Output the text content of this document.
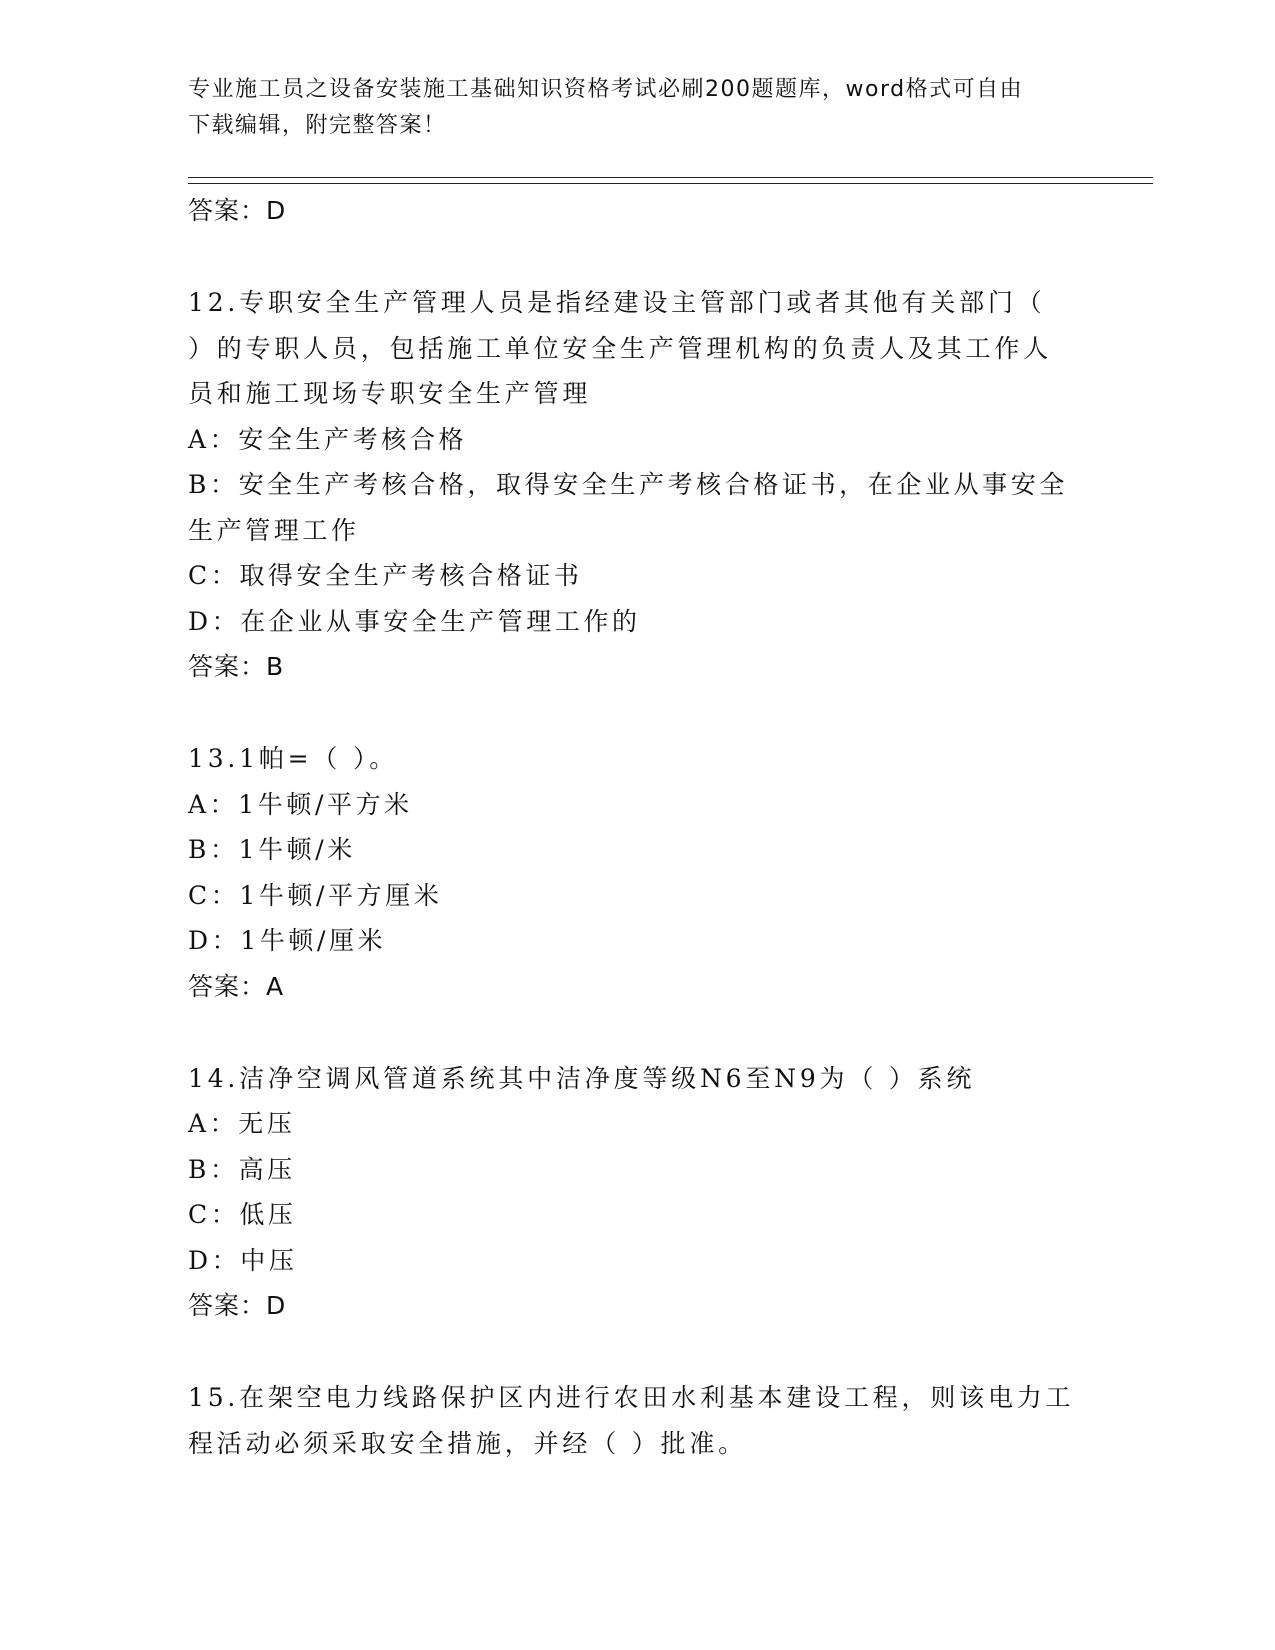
专业施工员之设备安装施工基础知识资格考试必刷200题题库，word格式可自由
下载编辑，附完整答案！

答案：D

12.专职安全生产管理人员是指经建设主管部门或者其他有关部门（

）的专职人员，包括施工单位安全生产管理机构的负责人及其工作人

员和施工现场专职安全生产管理

A：安全生产考核合格

B：安全生产考核合格，取得安全生产考核合格证书，在企业从事安全

生产管理工作

C：取得安全生产考核合格证书

D：在企业从事安全生产管理工作的

答案：B

13.1帕=（ ）。

A：1牛顿/平方米

B：1牛顿/米

C：1牛顿/平方厘米

D：1牛顿/厘米

答案：A

14.洁净空调风管道系统其中洁净度等级N6至N9为（ ）系统

A：无压

B：高压

C：低压

D：中压

答案：D

15.在架空电力线路保护区内进行农田水利基本建设工程，则该电力工

程活动必须采取安全措施，并经（ ）批准。
